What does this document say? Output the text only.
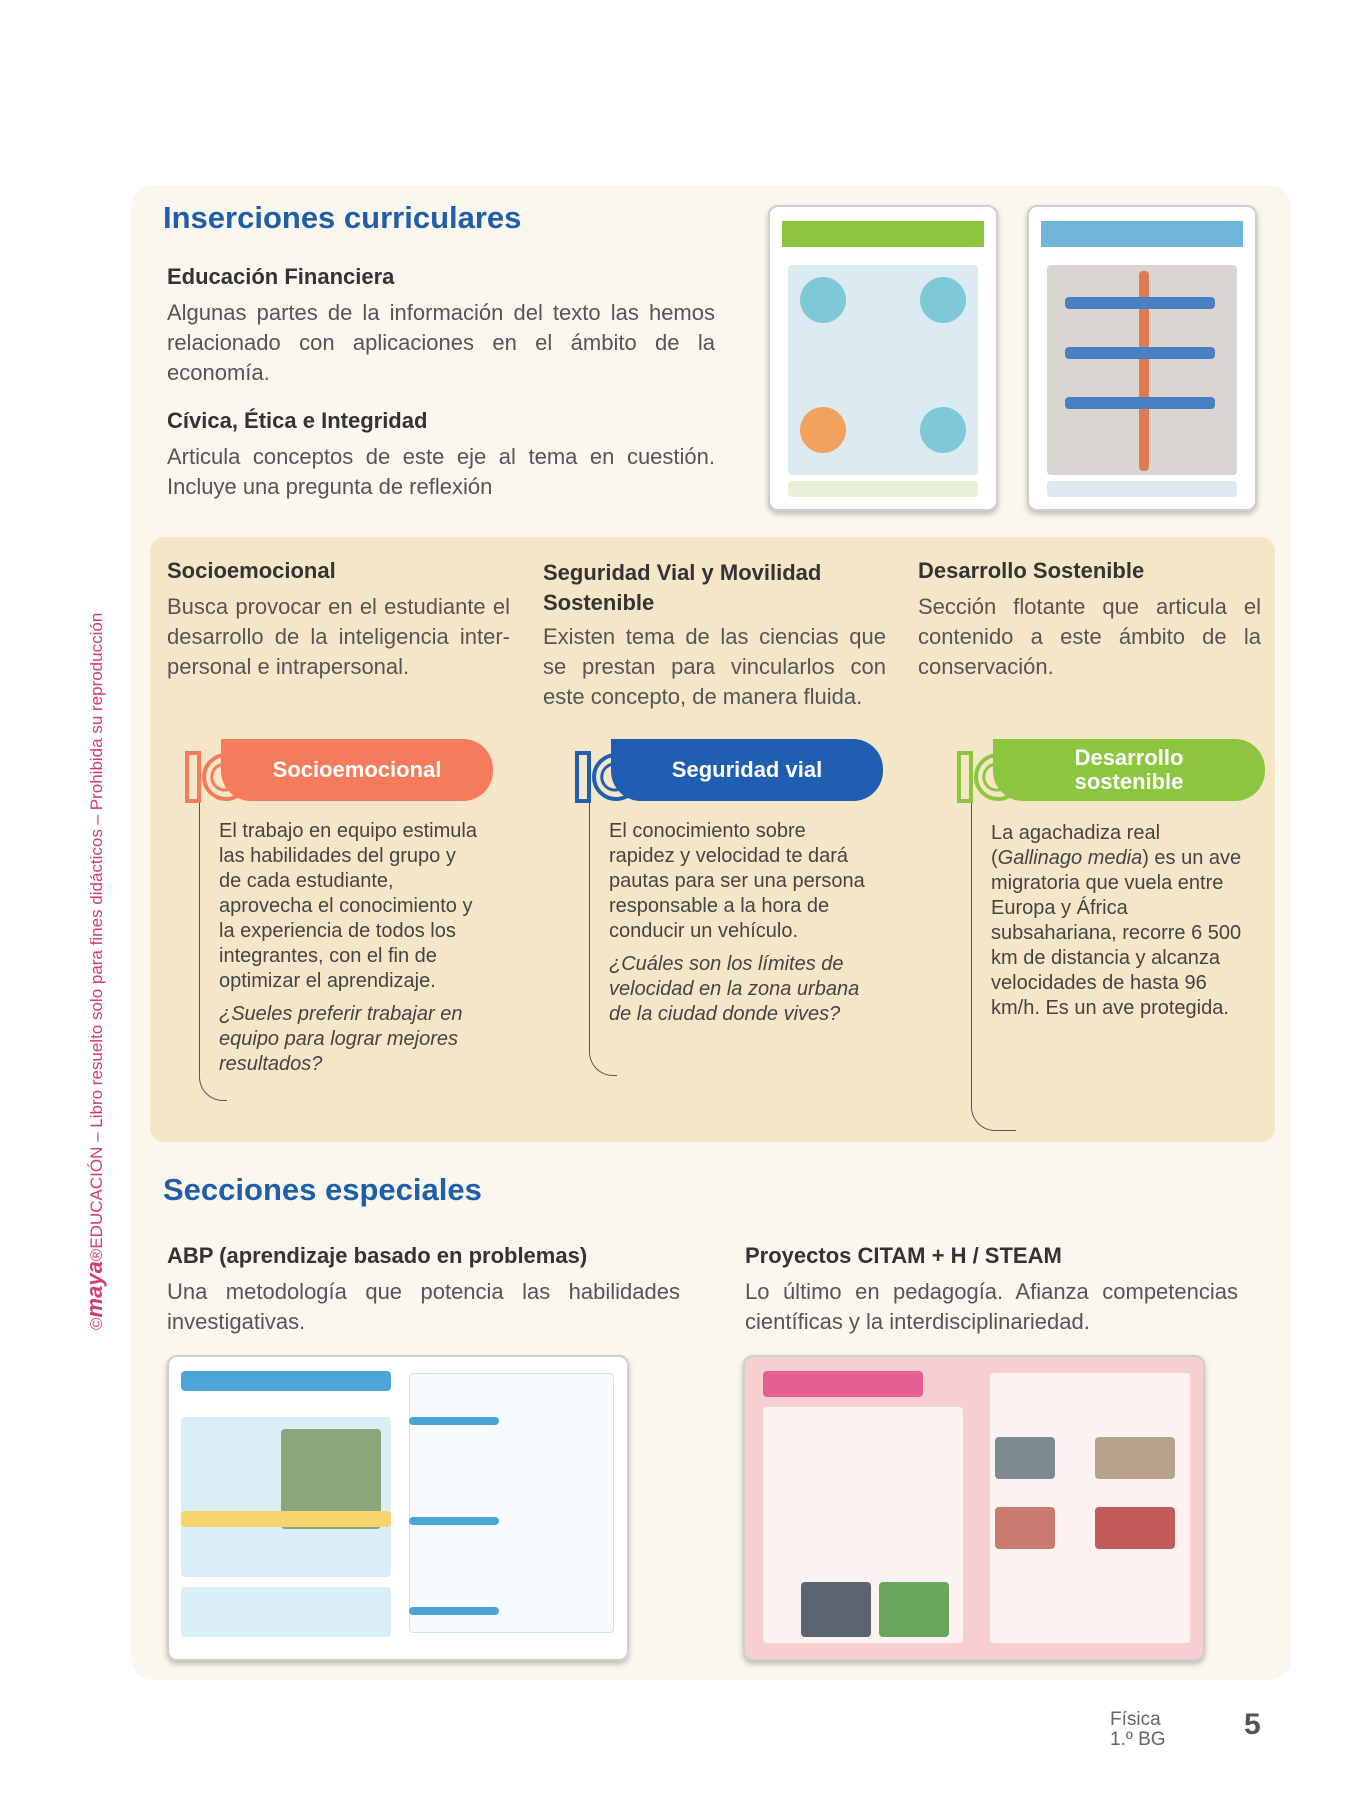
©maya®EDUCACIÓN – Libro resuelto solo para fines didácticos – Prohibida su reproducción
Inserciones curriculares
Educación Financiera
Algunas partes de la información del texto las hemos relacionado con aplicaciones en el ámbito de la economía.
Cívica, Ética e Integridad
Articula conceptos de este eje al tema en cuestión. Incluye una pregunta de reflexión
Socioemocional
Busca provocar en el estudiante el desarrollo de la inteligencia inter-personal e intrapersonal.
Seguridad Vial y Movilidad Sostenible
Existen tema de las ciencias que se prestan para vincularlos con este concepto, de manera fluida.
Desarrollo Sostenible
Sección flotante que articula el contenido a este ámbito de la conservación.
Socioemocional
El trabajo en equipo estimula las habilidades del grupo y de cada estudiante, aprovecha el conocimiento y la experiencia de todos los integrantes, con el fin de optimizar el aprendizaje.
¿Sueles preferir trabajar en equipo para lograr mejores resultados?
Seguridad vial
El conocimiento sobre rapidez y velocidad te dará pautas para ser una persona responsable a la hora de conducir un vehículo.
¿Cuáles son los límites de velocidad en la zona urbana de la ciudad donde vives?
Desarrollo sostenible
La agachadiza real (Gallinago media) es un ave migratoria que vuela entre Europa y África subsahariana, recorre 6 500 km de distancia y alcanza velocidades de hasta 96 km/h. Es un ave protegida.
Secciones especiales
ABP (aprendizaje basado en problemas)
Una metodología que potencia las habilidades investigativas.
Proyectos CITAM + H / STEAM
Lo último en pedagogía. Afianza competencias científicas y la interdisciplinariedad.
Física
1.º BG	5
